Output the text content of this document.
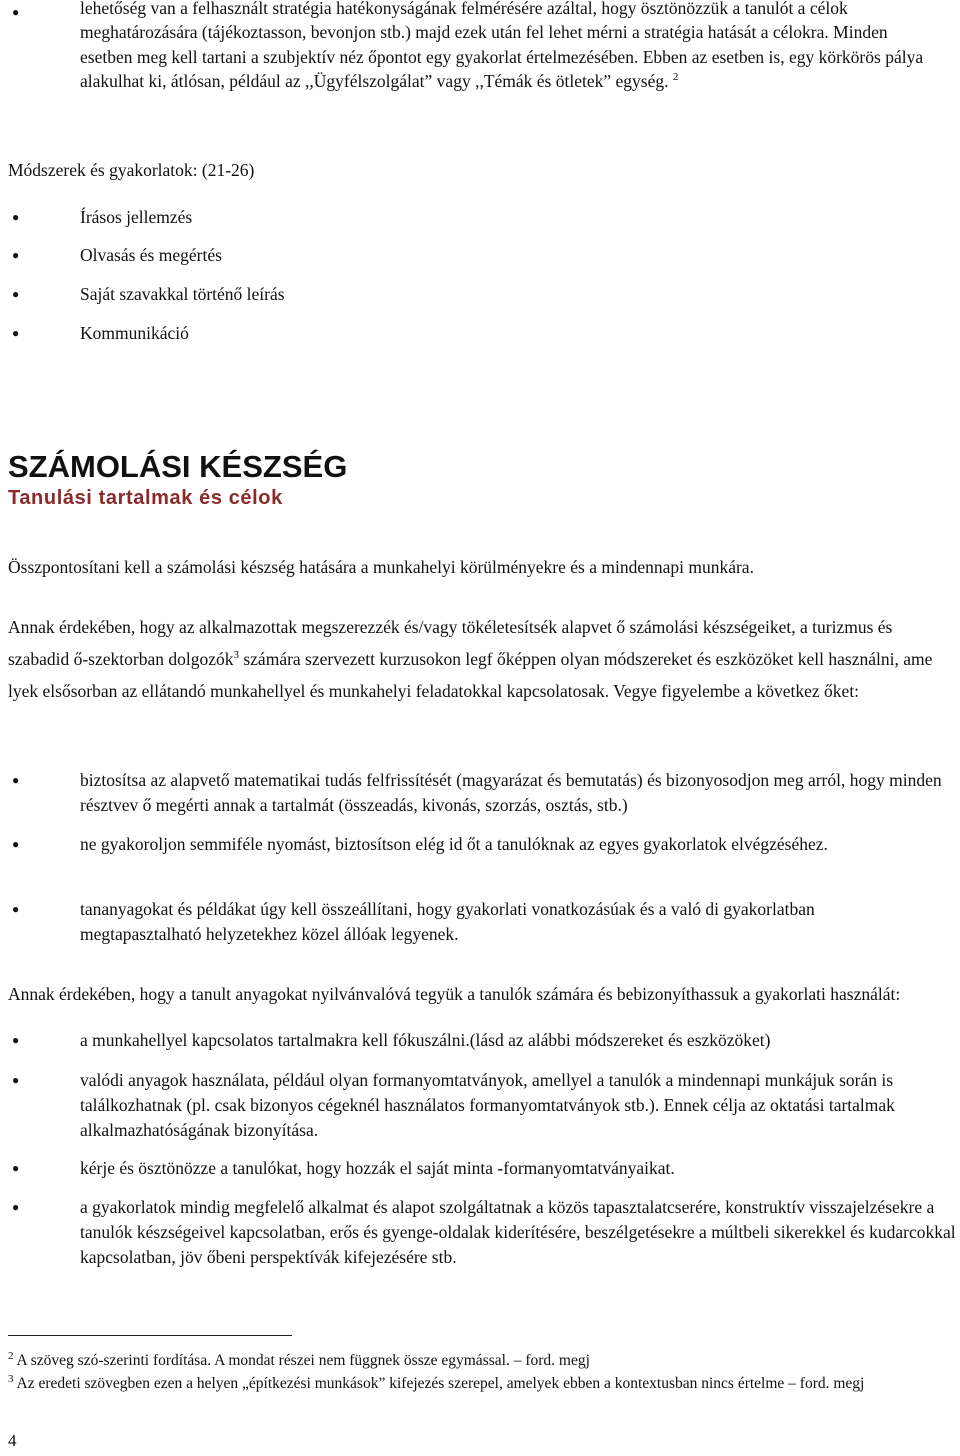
●

lehetőség van a felhasznált stratégia hatékonyságának felmérésére azáltal, hogy ösztönözzük a tanulót a célok meghatározására (tájékoztasson, bevonjon stb.) majd ezek után fel lehet mérni a stratégia hatását a célokra. Minden esetben meg kell tartani a szubjektív néz őpontot egy gyakorlat értelmezésében. Ebben az esetben is, egy körkörös pálya alakulhat ki, átlósan, például az ,,Ügyfélszolgálat” vagy ,,Témák és ötletek” egység. $^2$

Módszerek és gyakorlatok: (21-26)
●
Írásos jellemzés
●
Olvasás és megértés
●
Saját szavakkal történő leírás
●
Kommunikáció
SZÁMOLÁSI KÉSZSÉG
Tanulási tartalmak és célok

Összpontosítani kell a számolási készség hatására a munkahelyi körülményekre és a mindennapi munkára.

Annak érdekében, hogy az alkalmazottak megszerezzék és/vagy tökéletesítsék alapvet ő számolási készségeiket, a turizmus és szabadid ő-szektorban dolgozók$^3$ számára szervezett kurzusokon legf őképpen olyan módszereket és eszközöket kell használni, ame lyek elsősorban az ellátandó munkahellyel és munkahelyi feladatokkal kapcsolatosak. Vegye figyelembe a következ őket:

●

biztosítsa az alapvető matematikai tudás felfrissítését (magyarázat és bemutatás) és bizonyosodjon meg arról, hogy minden résztvev ő megérti annak a tartalmát (összeadás, kivonás, szorzás, osztás, stb.)

●

ne gyakoroljon semmiféle nyomást, biztosítson elég id őt a tanulóknak az egyes gyakorlatok elvégzéséhez.

●

tananyagokat és példákat úgy kell összeállítani, hogy gyakorlati vonatkozásúak és a való di gyakorlatban megtapasztalható helyzetekhez közel állóak legyenek.

Annak érdekében, hogy a tanult anyagokat nyilvánvalóvá tegyük a tanulók számára és bebizonyíthassuk a gyakorlati használát:

●

a munkahellyel kapcsolatos tartalmakra kell fókuszálni.(lásd az alábbi módszereket és eszközöket)

●

valódi anyagok használata, például olyan formanyomtatványok, amellyel a tanulók a mindennapi munkájuk során is találkozhatnak (pl. csak bizonyos cégeknél használatos formanyomtatványok stb.). Ennek célja az oktatási tartalmak alkalmazhatóságának bizonyítása.

●

kérje és ösztönözze a tanulókat, hogy hozzák el saját minta -formanyomtatványaikat.

●

a gyakorlatok mindig megfelelő alkalmat és alapot szolgáltatnak a közös tapasztalatcserére, konstruktív visszajelzésekre a tanulók készségeivel kapcsolatban, erős és gyenge-oldalak kiderítésére, beszélgetésekre a múltbeli sikerekkel és kudarcokkal kapcsolatban, jöv őbeni perspektívák kifejezésére stb.

$^2$ A szöveg szó-szerinti fordítása. A mondat részei nem függnek össze egymással. – ford. megj
$^3$ Az eredeti szövegben ezen a helyen „építkezési munkások” kifejezés szerepel, amelyek ebben a kontextusban nincs értelme – ford. megj
4
